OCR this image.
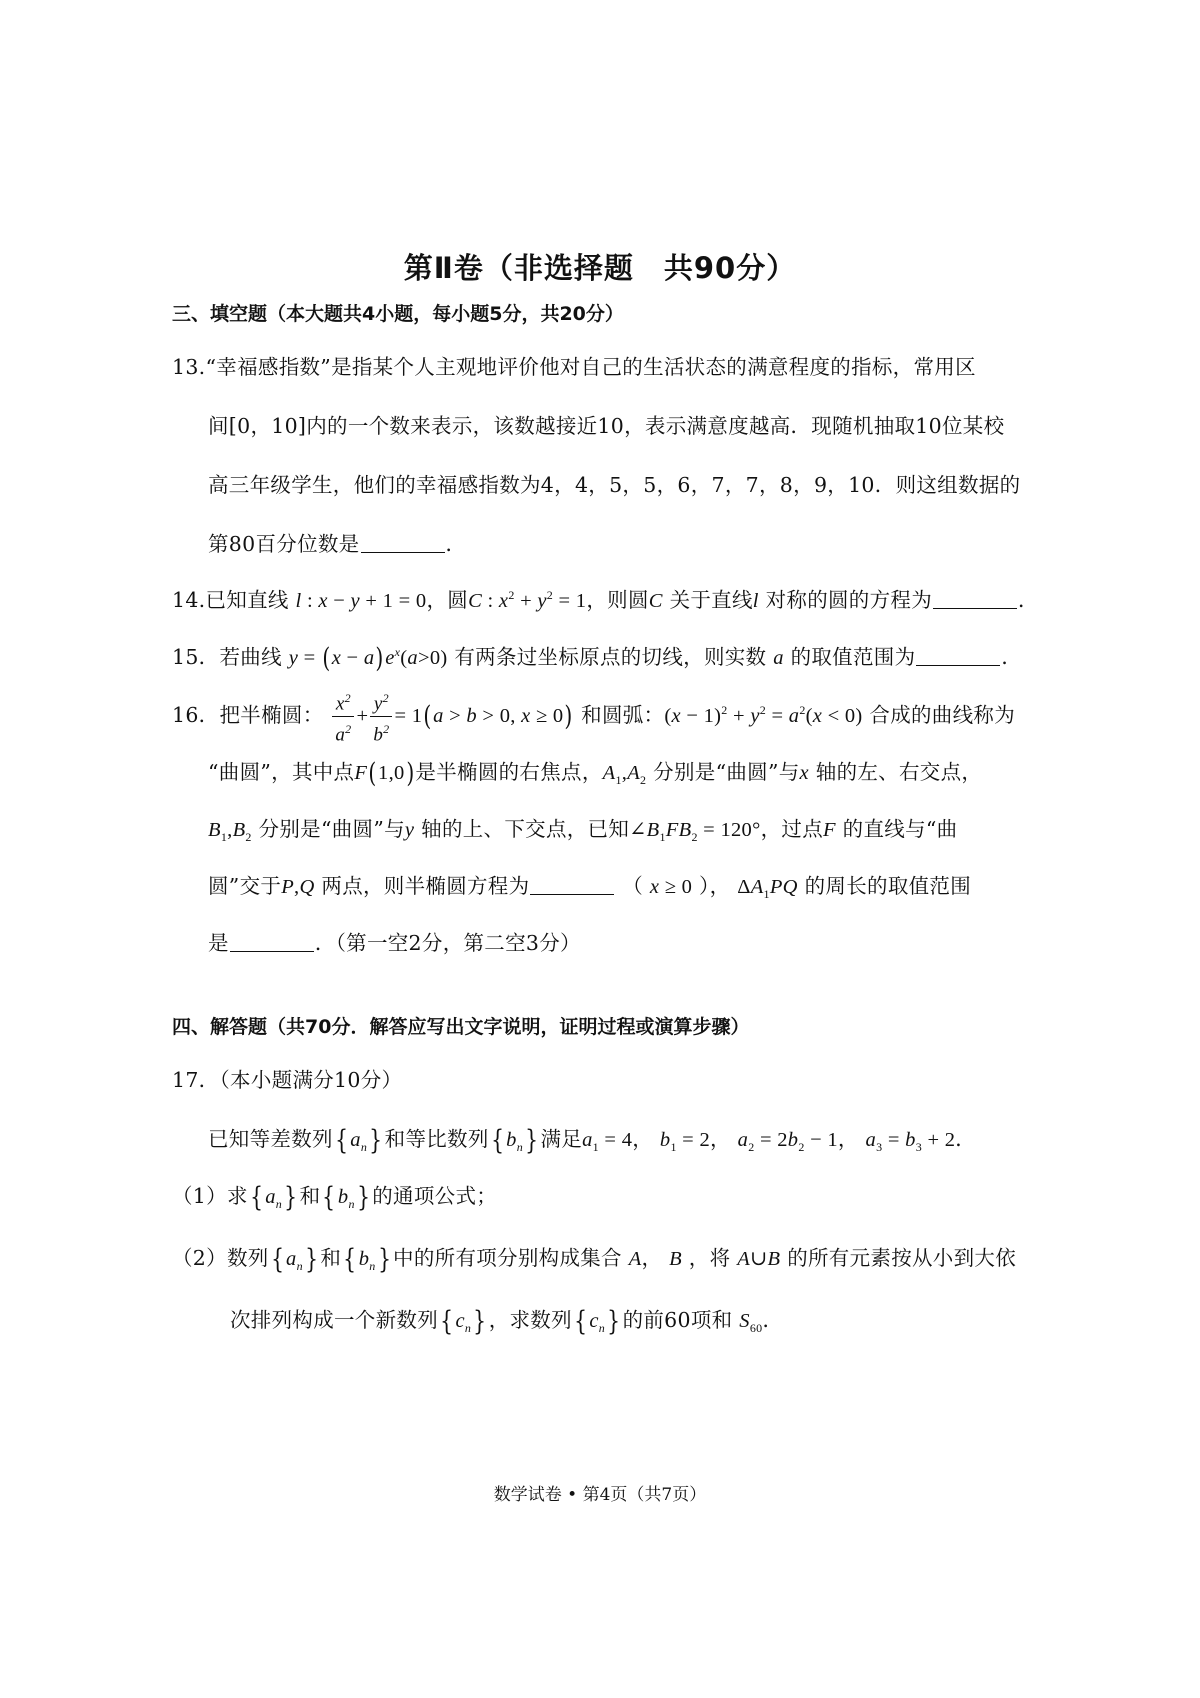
第Ⅱ卷（非选择题　共90分）
三、填空题（本大题共4小题，每小题5分，共20分）
13.“幸福感指数”是指某个人主观地评价他对自己的生活状态的满意程度的指标，常用区
间[0，10]内的一个数来表示，该数越接近10，表示满意度越高．现随机抽取10位某校
高三年级学生，他们的幸福感指数为4，4，5，5，6，7，7，8，9，10．则这组数据的
第80百分位数是	．
14.已知直线 l : x − y + 1 = 0，圆C : $x^2 + y^2 = 1$，则圆C 关于直线l 对称的圆的方程为	．
15．若曲线 $y = (x - a)e^x(a>0)$ 有两条过坐标原点的切线，则实数 a 的取值范围为	．
16．把半椭圆： $\frac{x^2}{a^2} + \frac{y^2}{b^2} = 1(a > b > 0$, x ≥ 0) 和圆弧：$(x - 1)^2 + y^2 = a^2(x < 0)$ 合成的曲线称为
“曲圆”，其中点F(1,0)是半椭圆的右焦点，$A_1,A_2$ 分别是“曲圆”与x 轴的左、右交点，
$B_1,B_2$ 分别是“曲圆”与y 轴的上、下交点，已知$\angle B_1FB_2 = 120^\circ$，过点F 的直线与“曲
圆”交于P,Q 两点，则半椭圆方程为	（ x ≥ 0 ）， $\Delta A_1PQ$ 的周长的取值范围
是	．（第一空2分，第二空3分）
四、解答题（共70分．解答应写出文字说明，证明过程或演算步骤）
17．（本小题满分10分）
已知等差数列{ $a_n$} 和等比数列{ $b_n$} 满足$a_1 = 4$， $b_1 = 2$， $a_2 = 2b_2 - 1$， $a_3 = b_3 + 2$．
（1）求{ $a_n$} 和{ $b_n$} 的通项公式；
（2）数列{ $a_n$} 和{ $b_n$} 中的所有项分别构成集合 A， B ，将 A∪B 的所有元素按从小到大依
次排列构成一个新数列{ $c_n$} ，求数列{ $c_n$} 的前60项和 $S_{60}$．
数学试卷 • 第4页（共7页）
